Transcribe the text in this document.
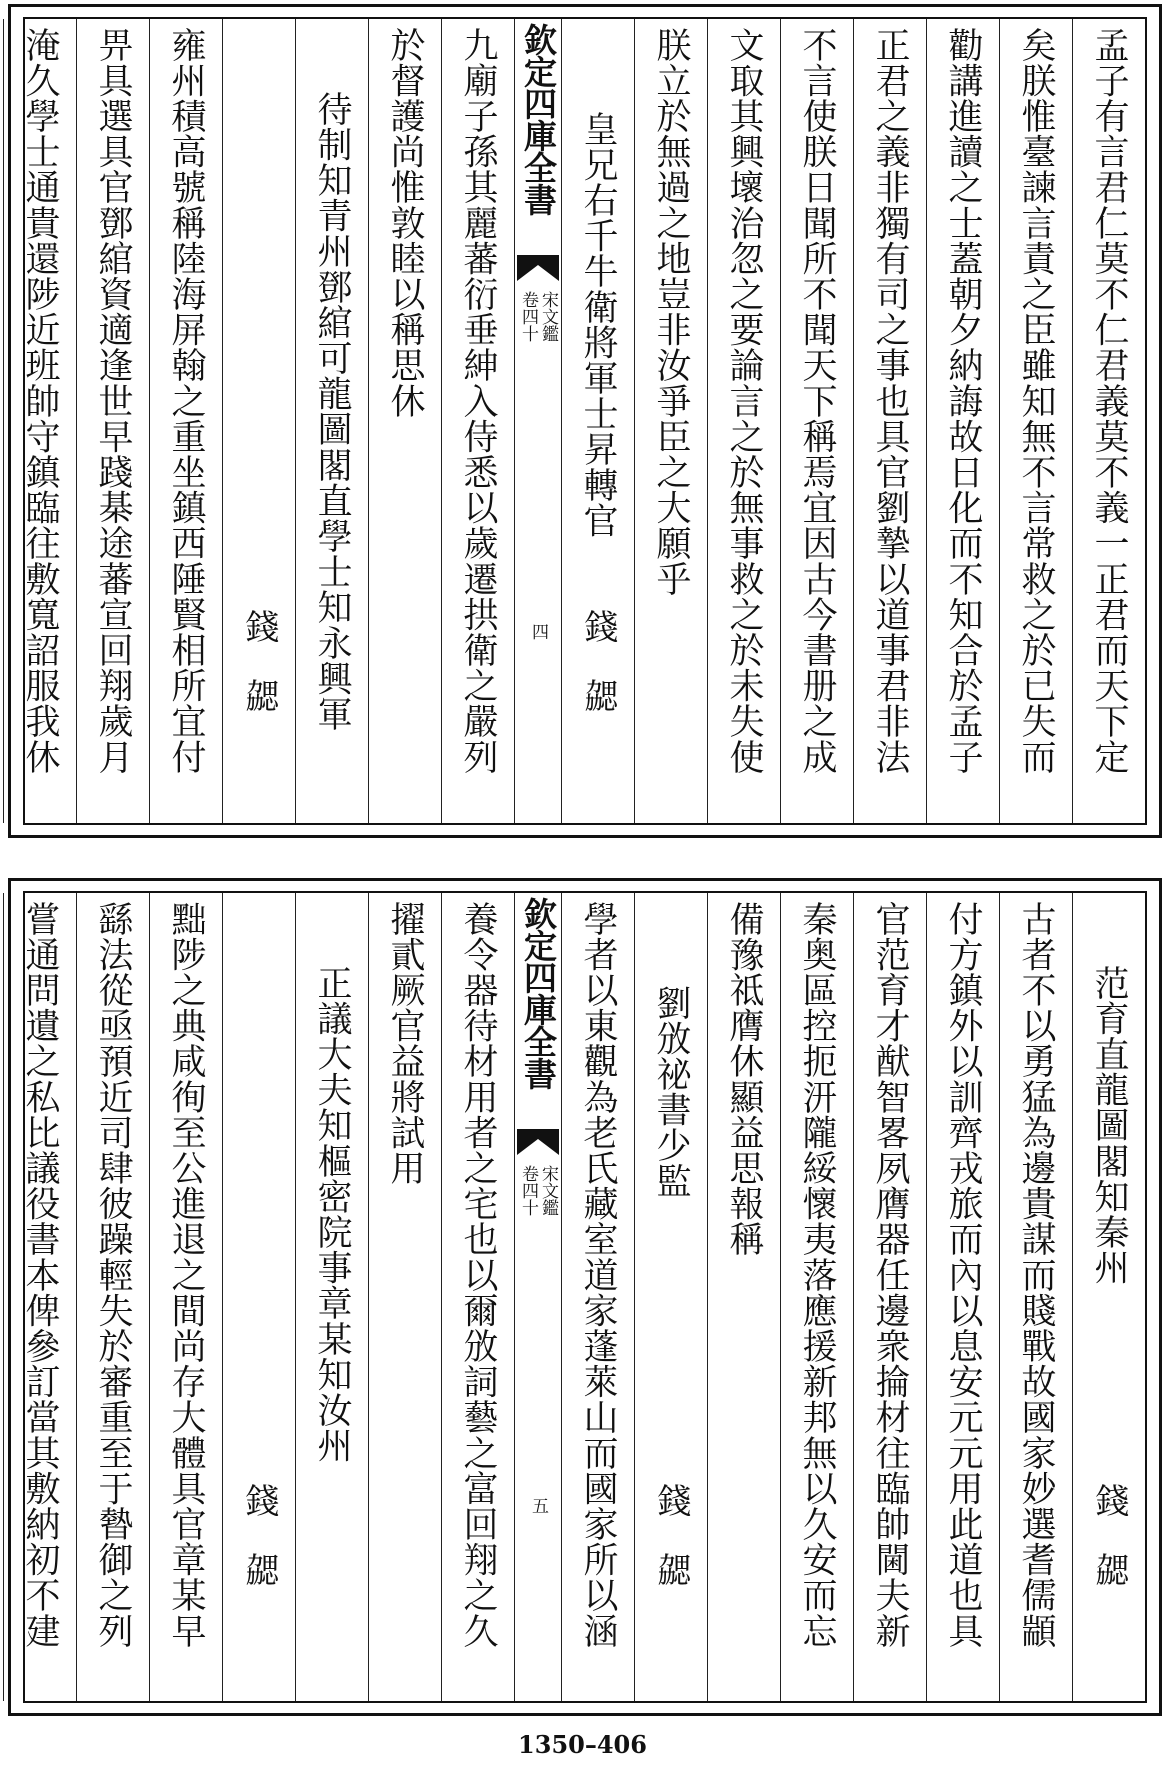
孟子有言君仁莫不仁君義莫不義一正君而天下定
矣朕惟臺諫言責之臣雖知無不言常救之於已失而
勸講進讀之士蓋朝夕納誨故日化而不知合於孟子
正君之義非獨有司之事也具官劉摯以道事君非法
不言使朕日聞所不聞天下稱焉宜因古今書册之成
文取其興壞治忽之要論言之於無事救之於未失使
朕立於無過之地豈非汝爭臣之大願乎
皇兄右千牛衛將軍士昇轉官
錢　勰
欽定四庫全書
宋文鑑
卷四十
四
九廟子孫其麗蕃衍垂紳入侍悉以歲遷拱衛之嚴列
於督護尚惟敦睦以稱思休
待制知青州鄧綰可龍圖閣直學士知永興軍
錢　勰
雍州積高號稱陸海屏翰之重坐鎮西陲賢相所宜付
畀具選具官鄧綰資適逢世早踐棊途蕃宣回翔歲月
淹久學士通貴還陟近班帥守鎮臨往敷寬詔服我休
范育直龍圖閣知秦州
錢　勰
古者不以勇猛為邊貴謀而賤戰故國家妙選耆儒顓
付方鎮外以訓齊戎旅而內以息安元元用此道也具
官范育才猷智畧夙膺器任邊衆掄材往臨帥閫夫新
秦奥區控扼汧隴綏懷夷落應援新邦無以久安而忘
備豫祗膺休顯益思報稱
劉攽祕書少監
錢　勰
學者以東觀為老氏藏室道家蓬萊山而國家所以涵
欽定四庫全書
宋文鑑
卷四十
五
養令器待材用者之宅也以爾攽詞藝之富回翔之久
擢貳厥官益將試用
正議大夫知樞密院事章某知汝州
錢　勰
黜陟之典咸徇至公進退之間尚存大體具官章某早
繇法從亟預近司肆彼躁輕失於審重至于暬御之列
嘗通問遺之私比議役書本俾參訂當其敷納初不建
1350–406
